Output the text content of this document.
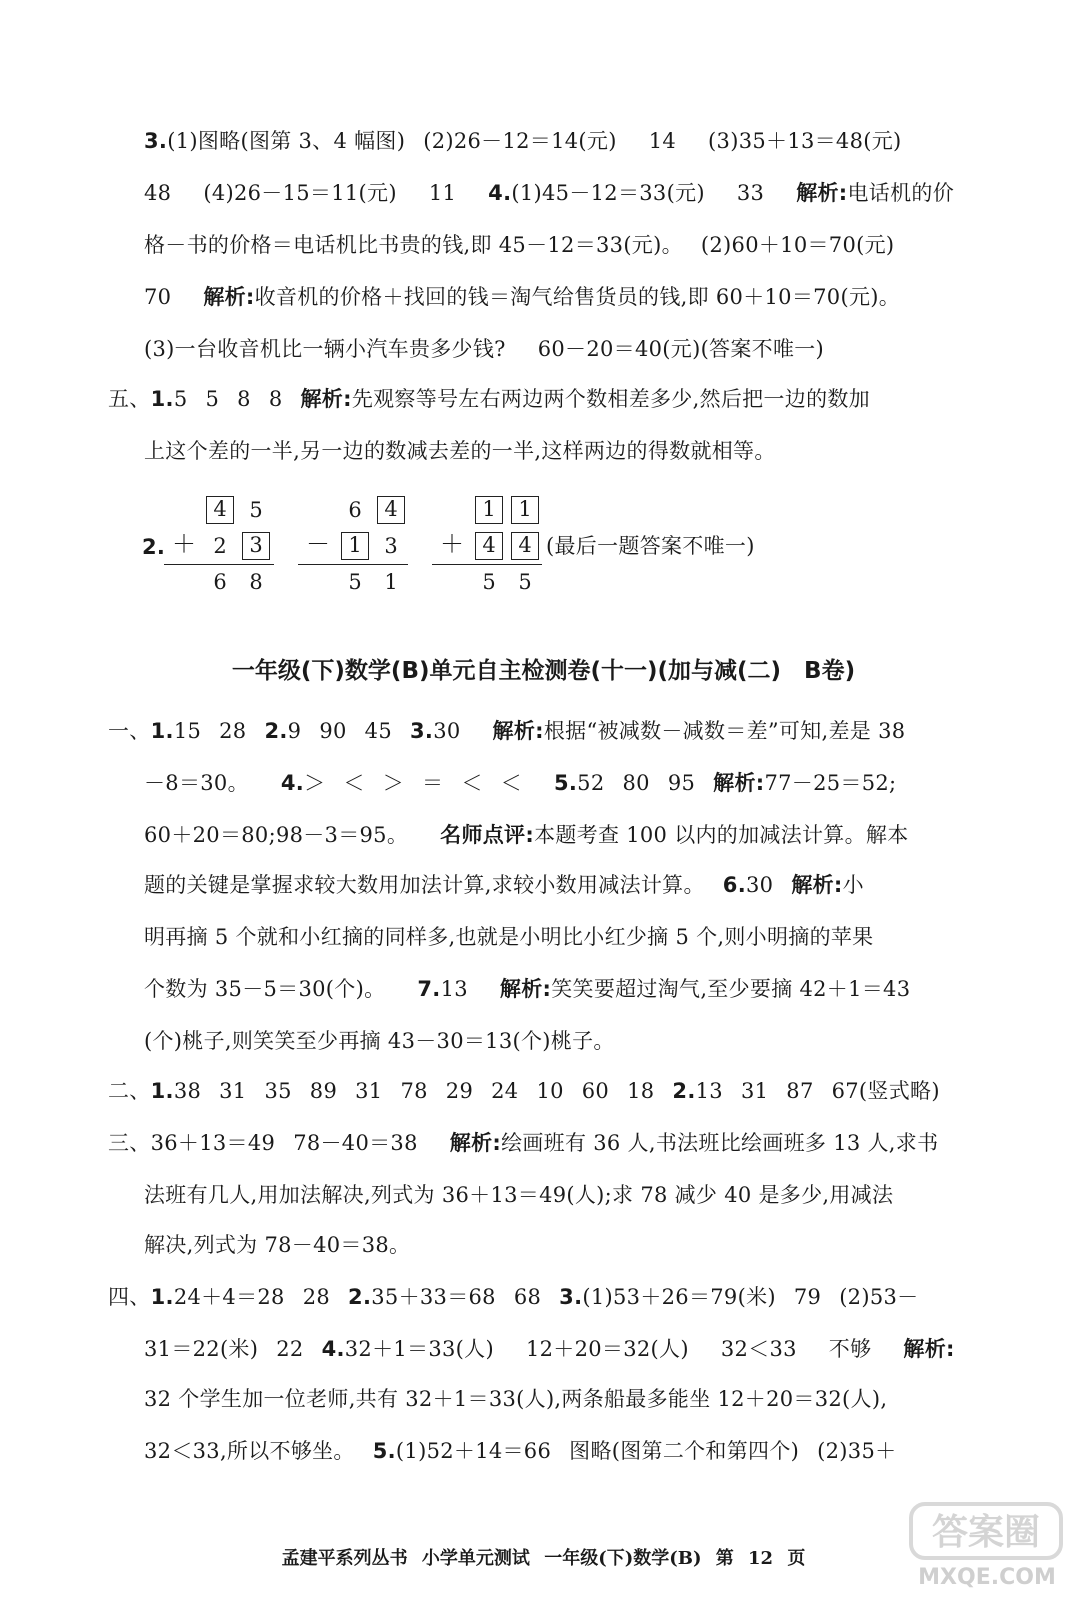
3.(1)图略(图第 3、4 幅图) (2)26－12＝14(元) 14 (3)35＋13＝48(元)
48 (4)26－15＝11(元) 11 4.(1)45－12＝33(元) 33 解析:电话机的价
格－书的价格＝电话机比书贵的钱,即 45－12＝33(元)。 (2)60＋10＝70(元)
70 解析:收音机的价格＋找回的钱＝淘气给售货员的钱,即 60＋10＝70(元)。
(3)一台收音机比一辆小汽车贵多少钱? 60－20＝40(元)(答案不唯一)
五、1.5 5 8 8 解析:先观察等号左右两边两个数相差多少,然后把一边的数加
上这个差的一半,另一边的数减去差的一半,这样两边的得数就相等。
2.
4	5
＋ 2	3
6	8
6	4
－ 1	3
5	1
1	1
＋ 4	4
5	5
(最后一题答案不唯一)
一年级(下)数学(B)单元自主检测卷(十一)(加与减(二)　B卷)
一、1.15 28 2.9 90 45 3.30 解析:根据“被减数－减数＝差”可知,差是 38
－8＝30。 4.＞ ＜ ＞ ＝ ＜ ＜ 5.52 80 95 解析:77－25＝52;
60＋20＝80;98－3＝95。 名师点评:本题考查 100 以内的加减法计算。解本
题的关键是掌握求较大数用加法计算,求较小数用减法计算。 6.30 解析:小
明再摘 5 个就和小红摘的同样多,也就是小明比小红少摘 5 个,则小明摘的苹果
个数为 35－5＝30(个)。 7.13 解析:笑笑要超过淘气,至少要摘 42＋1＝43
(个)桃子,则笑笑至少再摘 43－30＝13(个)桃子。
二、1.38 31 35 89 31 78 29 24 10 60 18 2.13 31 87 67(竖式略)
三、36＋13＝49 78－40＝38 解析:绘画班有 36 人,书法班比绘画班多 13 人,求书
法班有几人,用加法解决,列式为 36＋13＝49(人);求 78 减少 40 是多少,用减法
解决,列式为 78－40＝38。
四、1.24＋4＝28 28 2.35＋33＝68 68 3.(1)53＋26＝79(米) 79 (2)53－
31＝22(米) 22 4.32＋1＝33(人) 12＋20＝32(人) 32＜33 不够 解析:
32 个学生加一位老师,共有 32＋1＝33(人),两条船最多能坐 12＋20＝32(人),
32＜33,所以不够坐。 5.(1)52＋14＝66 图略(图第二个和第四个) (2)35＋
孟建平系列丛书 小学单元测试 一年级(下)数学(B) 第 12 页
答案圈
MXQE.COM
